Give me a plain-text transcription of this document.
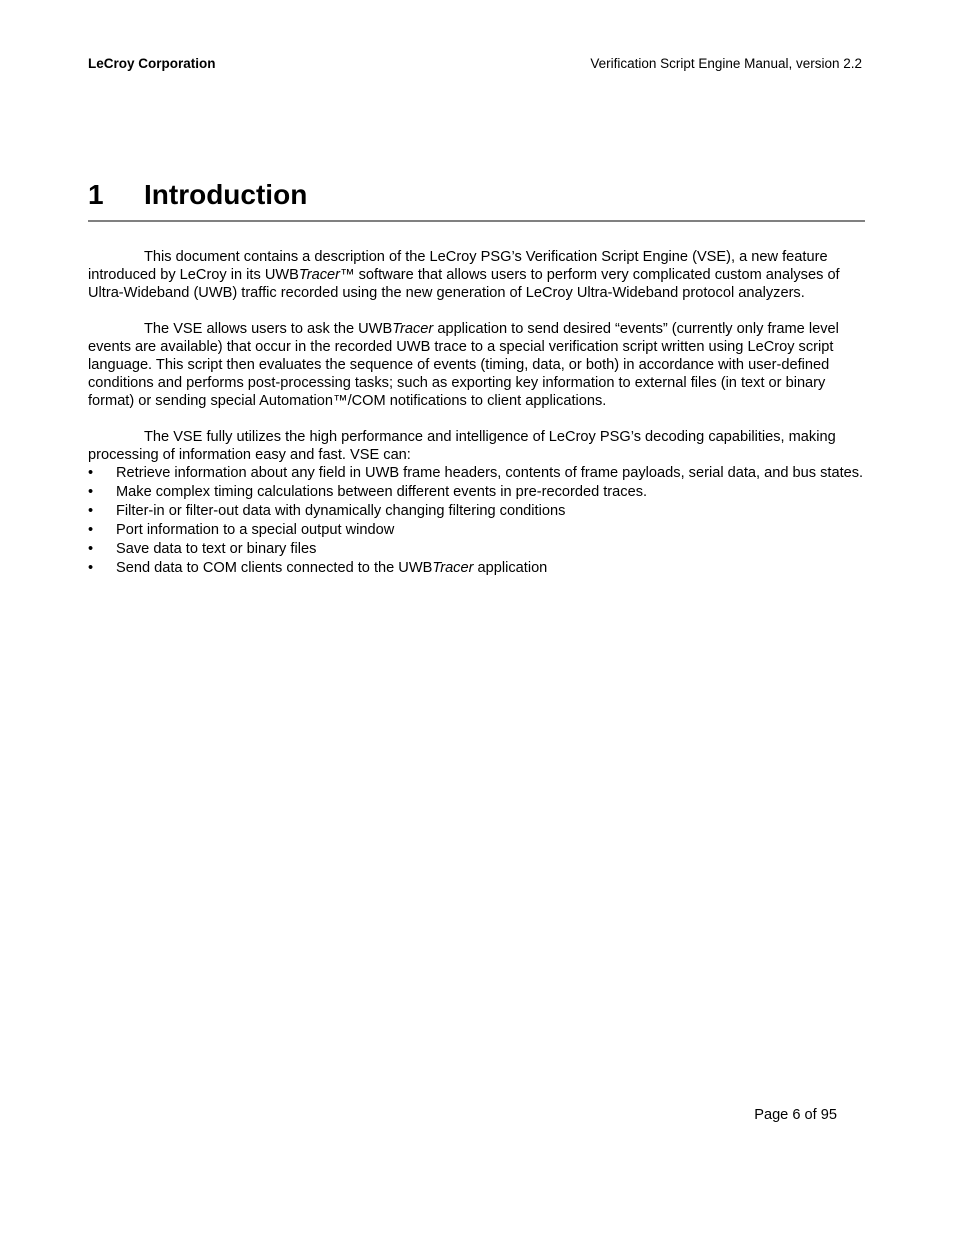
LeCroy Corporation	Verification Script Engine Manual, version 2.2
1 Introduction

This document contains a description of the LeCroy PSG’s Verification Script Engine (VSE), a new feature introduced by LeCroy in its UWBTracer™ software that allows users to perform very complicated custom analyses of Ultra-Wideband (UWB) traffic recorded using the new generation of LeCroy Ultra-Wideband protocol analyzers.

The VSE allows users to ask the UWBTracer application to send desired “events” (currently only frame level events are available) that occur in the recorded UWB trace to a special verification script written using LeCroy script language. This script then evaluates the sequence of events (timing, data, or both) in accordance with user-defined conditions and performs post-processing tasks; such as exporting key information to external files (in text or binary format) or sending special Automation™/COM notifications to client applications.

The VSE fully utilizes the high performance and intelligence of LeCroy PSG’s decoding capabilities, making processing of information easy and fast. VSE can:

•	Retrieve information about any field in UWB frame headers, contents of frame payloads, serial data, and bus states.
•	Make complex timing calculations between different events in pre-recorded traces.
•	Filter-in or filter-out data with dynamically changing filtering conditions
•	Port information to a special output window
•	Save data to text or binary files
•	Send data to COM clients connected to the UWBTracer application
Page 6 of 95
